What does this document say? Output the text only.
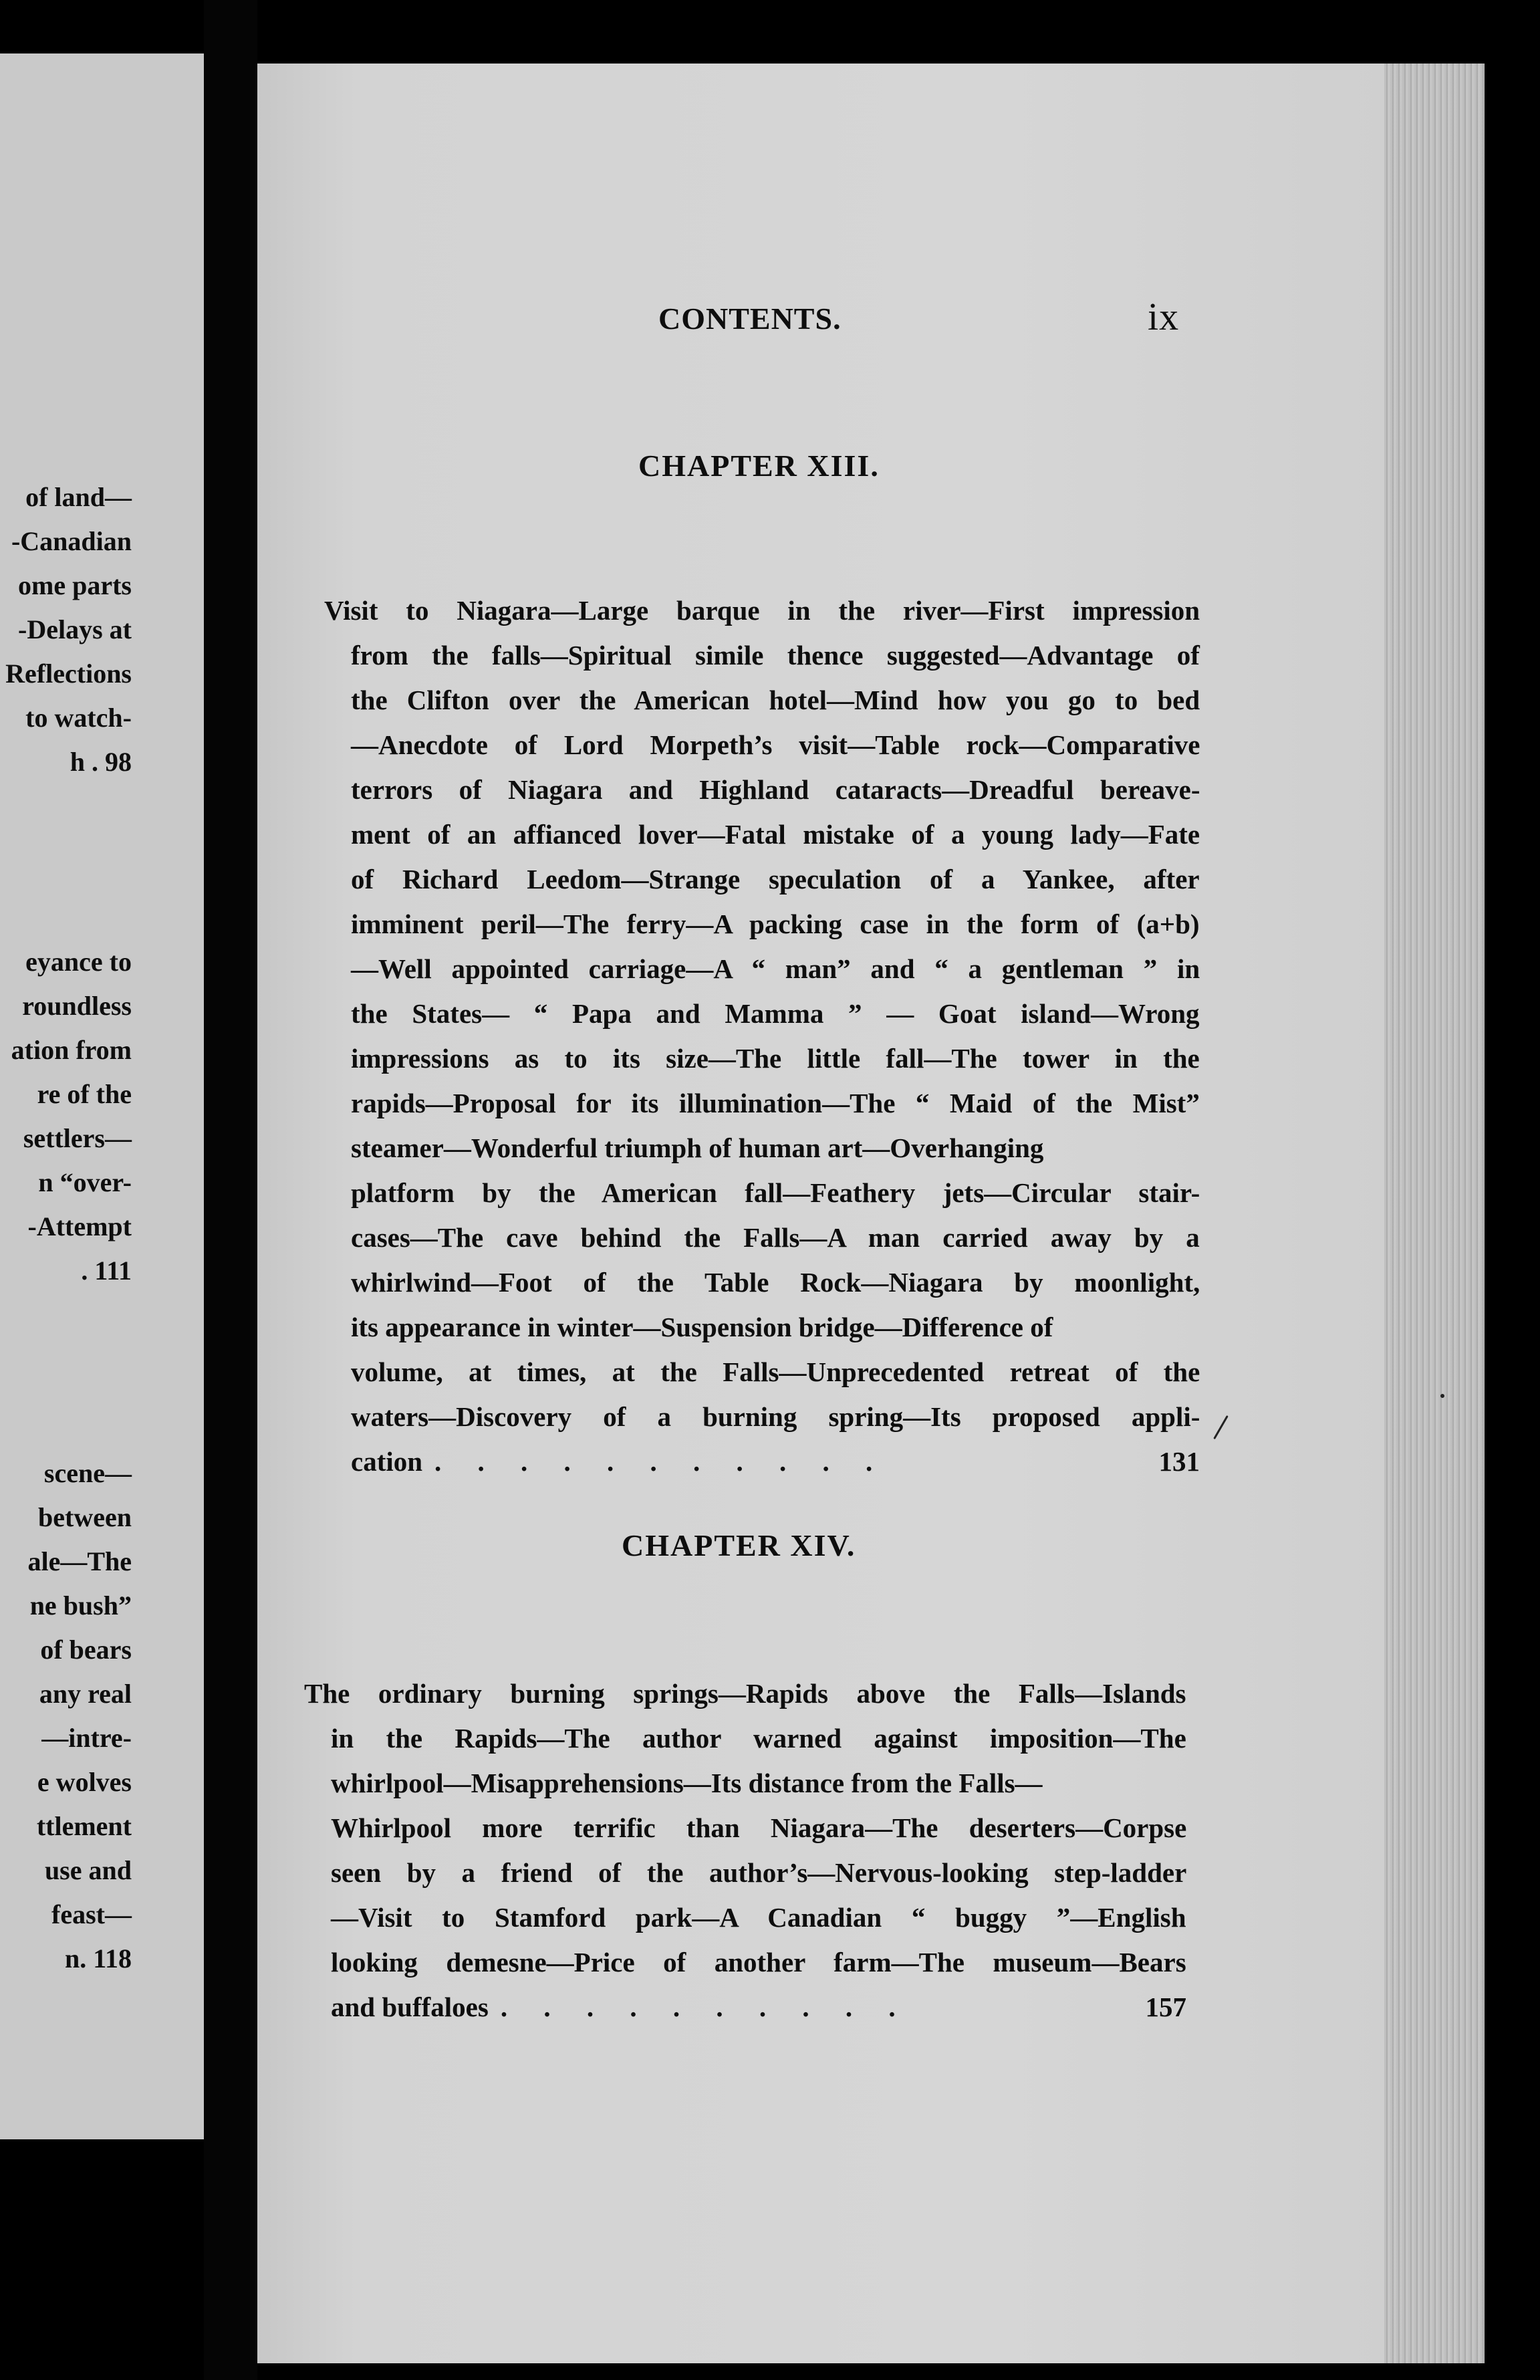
of land—
-Canadian
ome parts
-Delays at
Reflections
to watch-
h . 98
eyance to
roundless
ation from
re of the
settlers—
n “over-
-Attempt
. 111
scene—
between
ale—The
ne bush”
of bears
any real
—intre-
e wolves
ttlement
use and
feast—
n. 118
CONTENTS.	ix
CHAPTER XIII.
Visit to Niagara—Large barque in the river—First impression
from the falls—Spiritual simile thence suggested—Advantage of
the Clifton over the American hotel—Mind how you go to bed
—Anecdote of Lord Morpeth’s visit—Table rock—Comparative
terrors of Niagara and Highland cataracts—Dreadful bereave-
ment of an affianced lover—Fatal mistake of a young lady—Fate
of Richard Leedom—Strange speculation of a Yankee, after
imminent peril—The ferry—A packing case in the form of (a+b)
—Well appointed carriage—A “ man” and “ a gentleman ” in
the States— “ Papa and Mamma ” — Goat island—Wrong
impressions as to its size—The little fall—The tower in the
rapids—Proposal for its illumination—The “ Maid of the Mist”
steamer—Wonderful triumph of human art—Overhanging
platform by the American fall—Feathery jets—Circular stair-
cases—The cave behind the Falls—A man carried away by a
whirlwind—Foot of the Table Rock—Niagara by moonlight,
its appearance in winter—Suspension bridge—Difference of
volume, at times, at the Falls—Unprecedented retreat of the
waters—Discovery of a burning spring—Its proposed appli-
cation . . . . . . . . . . .	131
CHAPTER XIV.
The ordinary burning springs—Rapids above the Falls—Islands
in the Rapids—The author warned against imposition—The
whirlpool—Misapprehensions—Its distance from the Falls—
Whirlpool more terrific than Niagara—The deserters—Corpse
seen by a friend of the author’s—Nervous-looking step-ladder
—Visit to Stamford park—A Canadian “ buggy ”—English
looking demesne—Price of another farm—The museum—Bears
and buffaloes . . . . . . . . . .	157
